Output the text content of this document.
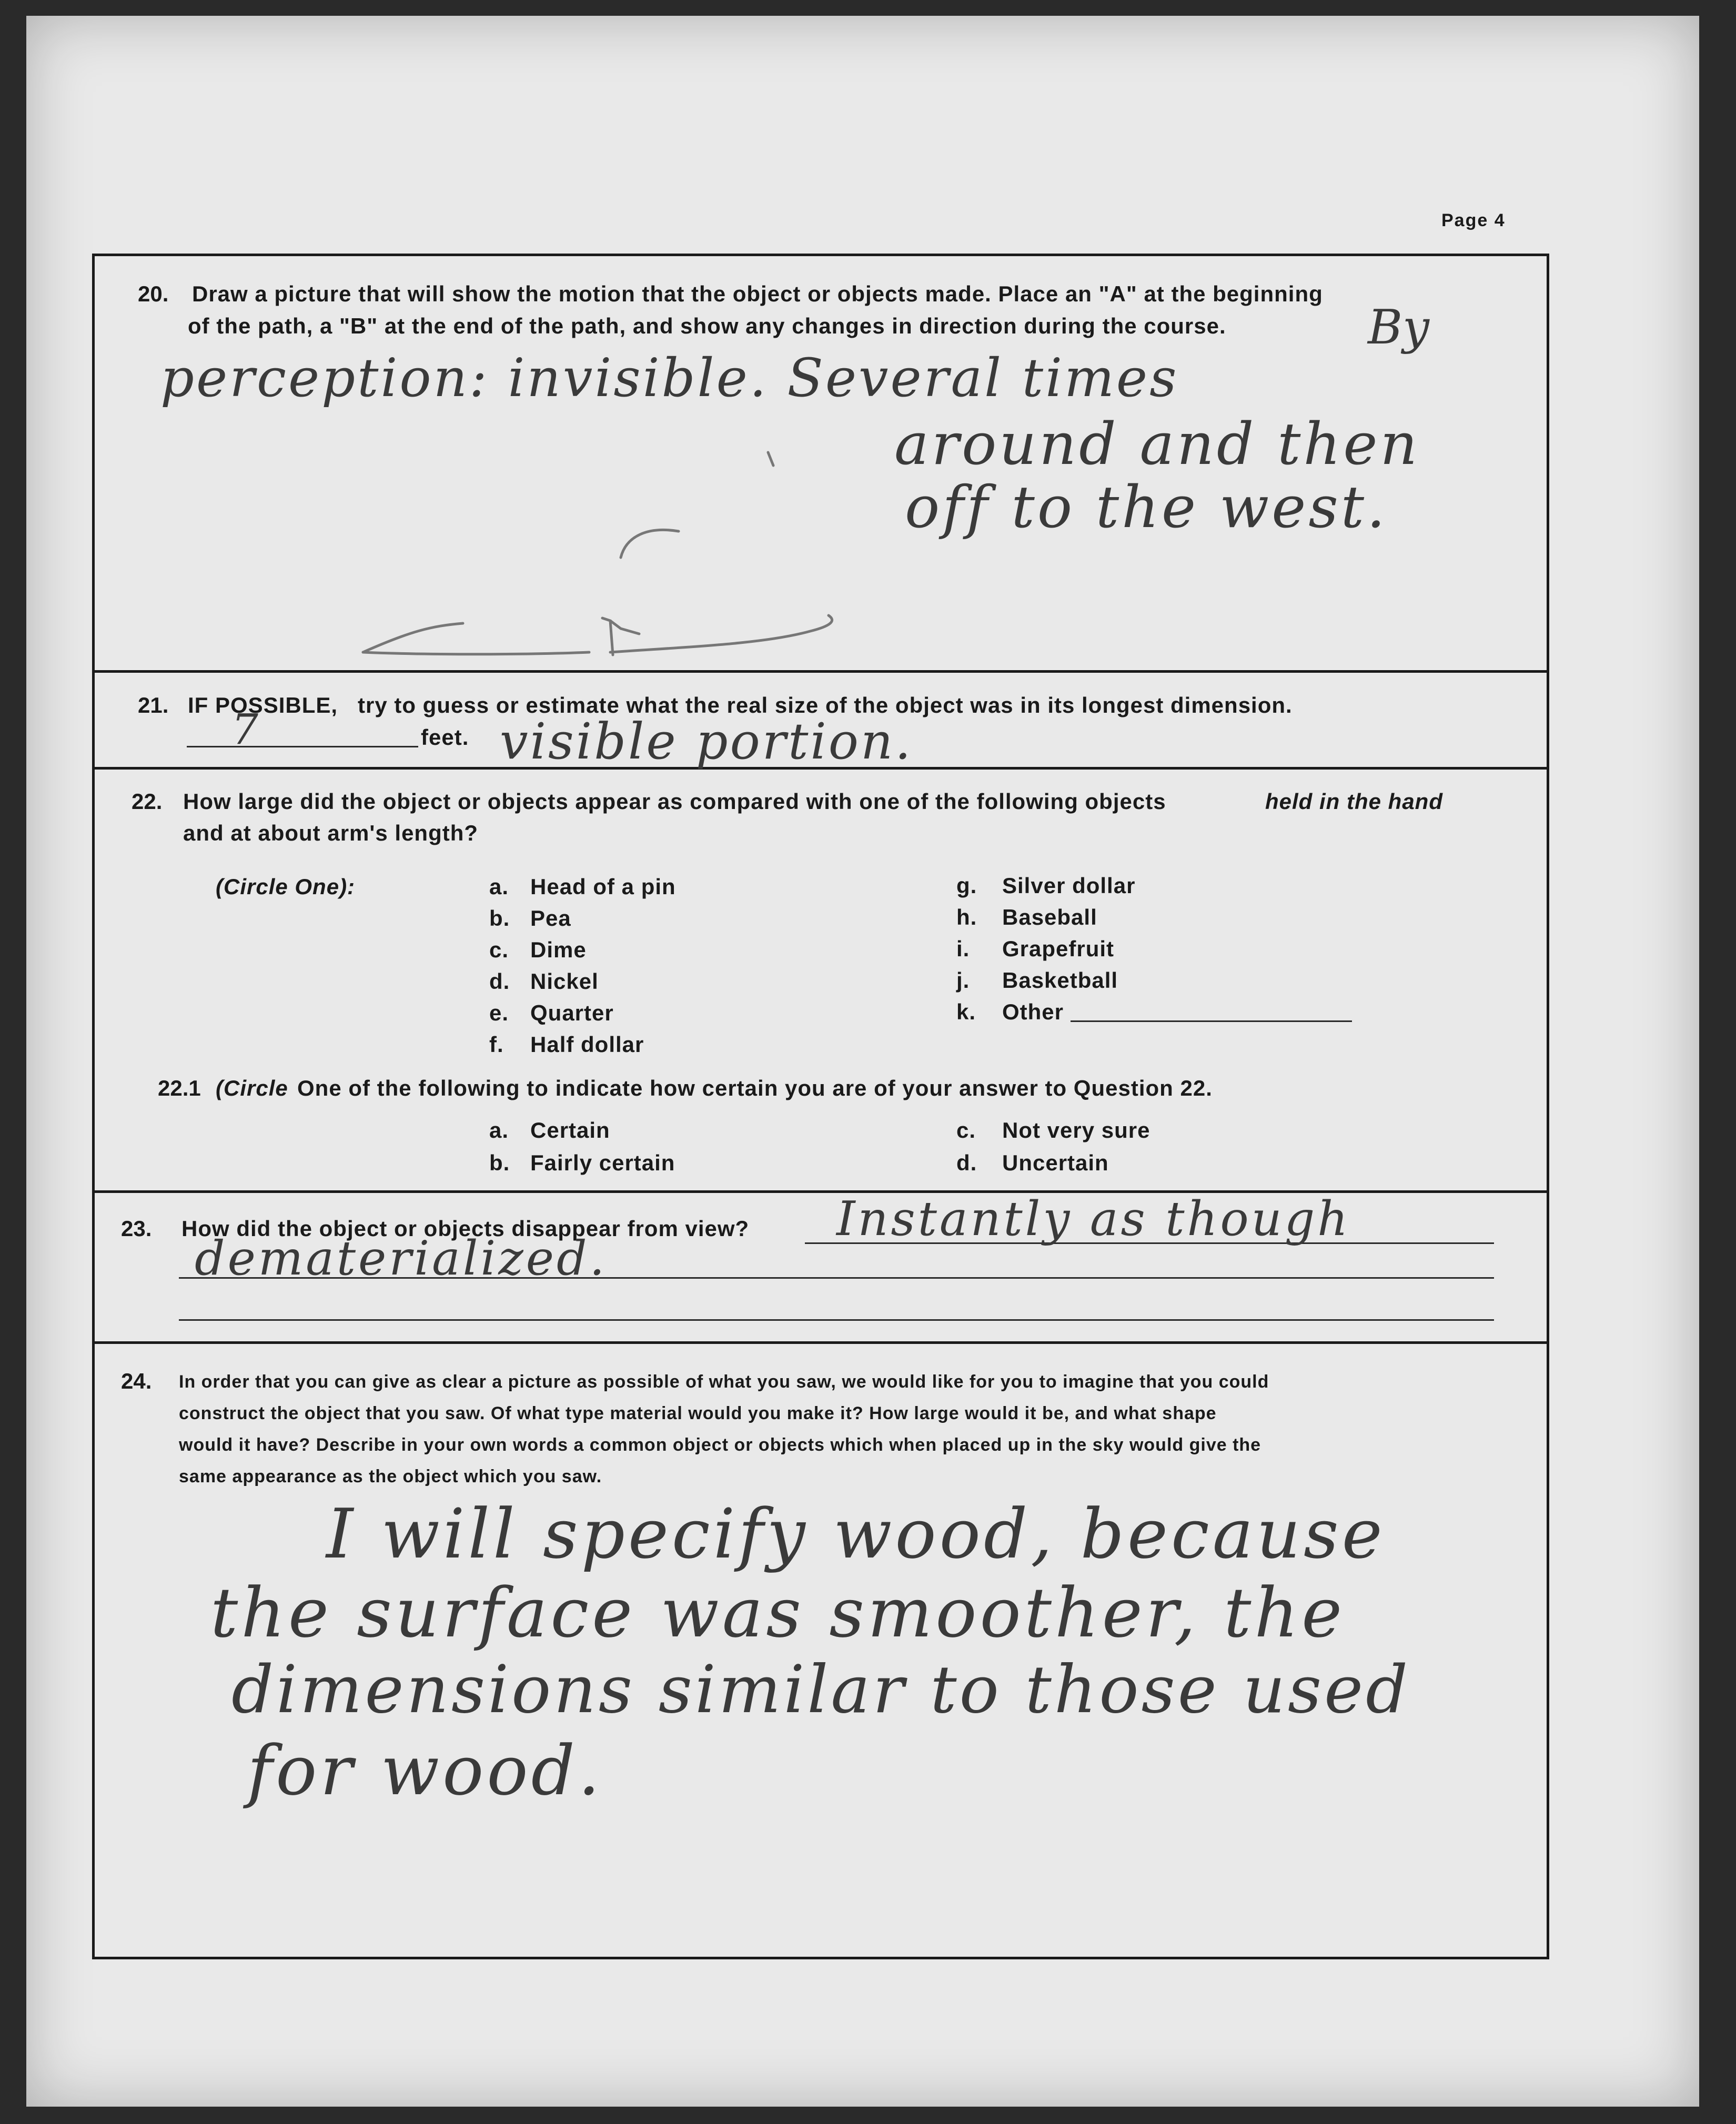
Page 4
20. Draw a picture that will show the motion that the object or objects made. Place an "A" at the beginning
of the path, a "B" at the end of the path, and show any changes in direction during the course.	By
perception: invisible. Several times
around and then
off to the west.
21. IF POSSIBLE, try to guess or estimate what the real size of the object was in its longest dimension.
7	feet. visible portion.
22. How large did the object or objects appear as compared with one of the following objects	held in the hand
and at about arm's length?
(Circle One):	a. Head of a pin
b. Pea
c. Dime
d. Nickel
e. Quarter
f. Half dollar
g. Silver dollar
h. Baseball
i. Grapefruit
j. Basketball
k. Other
22.1 (Circle One of the following to indicate how certain you are of your answer to Question 22.
a. Certain
b. Fairly certain
c. Not very sure
d. Uncertain
23. How did the object or objects disappear from view? Instantly as though
dematerialized.
24. In order that you can give as clear a picture as possible of what you saw, we would like for you to imagine that you could
construct the object that you saw. Of what type material would you make it? How large would it be, and what shape
would it have? Describe in your own words a common object or objects which when placed up in the sky would give the
same appearance as the object which you saw.
I will specify wood, because
the surface was smoother, the
dimensions similar to those used
for wood.
